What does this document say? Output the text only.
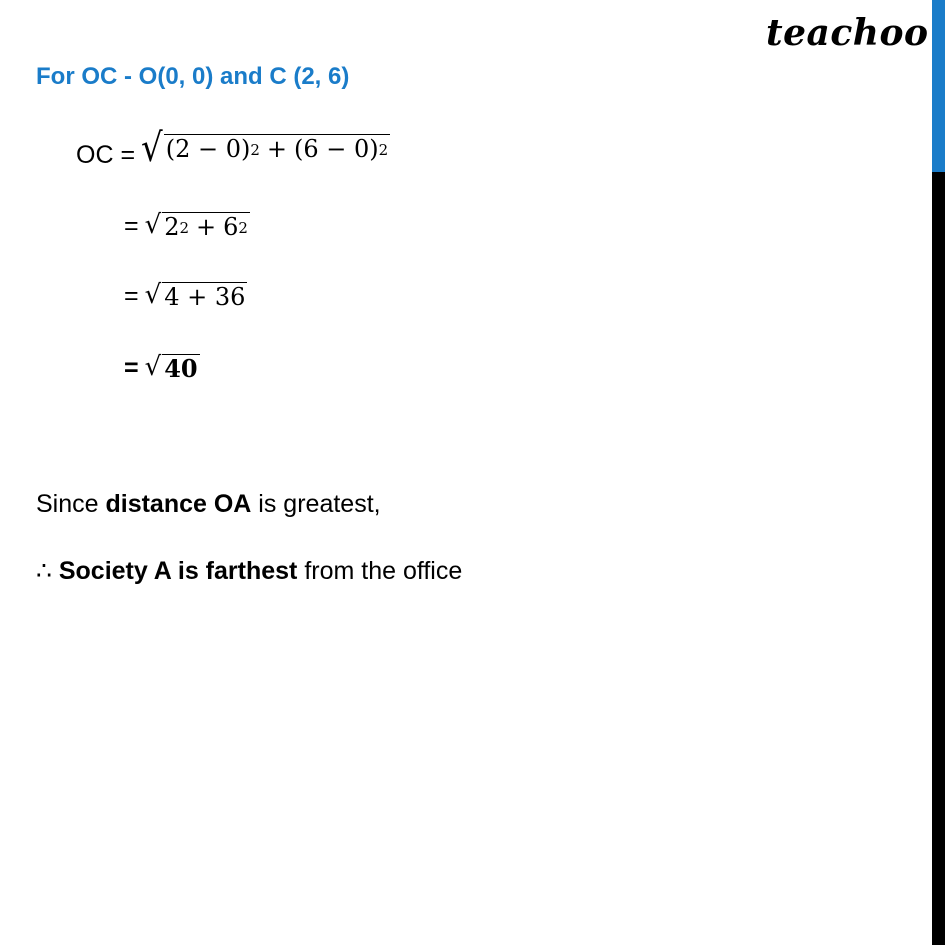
teachoo
For OC - O(0, 0) and C (2, 6)
OC = √ $(2 - 0)^2 + (6 - 0)^2$
= √ $2^2 + 6^2$
= √ 4 + 36
= √ 40
Since distance OA is greatest,
∴ Society A is farthest from the office
